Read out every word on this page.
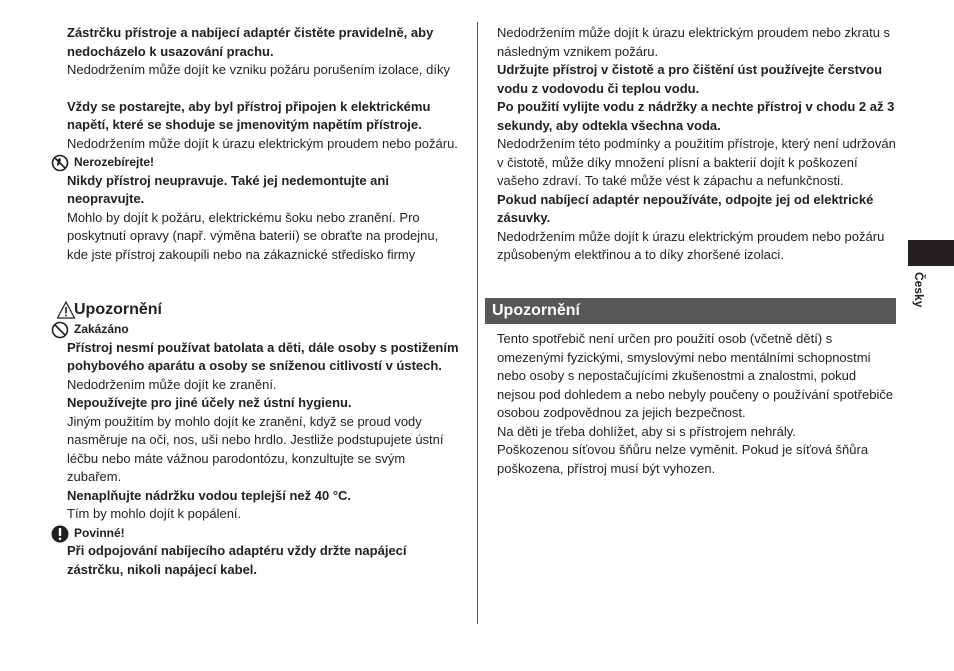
Zástrčku přístroje a nabíjecí adaptér čistěte pravidelně, aby nedocházelo k usazování prachu.

Nedodržením může dojít ke vzniku požáru porušením izolace, díky

Vždy se postarejte, aby byl přístroj připojen k elektrickému napětí, které se shoduje se jmenovitým napětím přístroje.

Nedodržením může dojít k úrazu elektrickým proudem nebo požáru.

Nerozebírejte!

Nikdy přístroj neupravuje. Také jej nedemontujte ani neopravujte.

Mohlo by dojít k požáru, elektrickému šoku nebo zranění. Pro poskytnutí opravy (např. výměna baterií) se obraťte na prodejnu, kde jste přístroj zakoupili nebo na zákaznické středisko firmy

Upozornění
Zakázáno

Přístroj nesmí používat batolata a děti, dále osoby s postižením pohybového aparátu a osoby se sníženou citlivostí v ústech.

Nedodržením může dojít ke zranění.

Nepoužívejte pro jiné účely než ústní hygienu.

Jiným použitím by mohlo dojít ke zranění, když se proud vody nasměruje na oči, nos, uši nebo hrdlo. Jestliže podstupujete ústní léčbu nebo máte vážnou parodontózu, konzultujte se svým zubařem.

Nenaplňujte nádržku vodou teplejší než 40 °C.

Tím by mohlo dojít k popálení.

Povinné!

Při odpojování nabíjecího adaptéru vždy držte napájecí zástrčku, nikoli napájecí kabel.

Nedodržením může dojít k úrazu elektrickým proudem nebo zkratu s následným vznikem požáru.

Udržujte přístroj v čistotě a pro čištění úst používejte čerstvou vodu z vodovodu či teplou vodu.

Po použití vylijte vodu z nádržky a nechte přístroj v chodu 2 až 3 sekundy, aby odtekla všechna voda.

Nedodržením této podmínky a použitím přístroje, který není udržován v čistotě, může díky množení plísní a bakterií dojít k poškození vašeho zdraví. To také může vést k zápachu a nefunkčnosti.

Pokud nabíjecí adaptér nepoužíváte, odpojte jej od elektrické zásuvky.

Nedodržením může dojít k úrazu elektrickým proudem nebo požáru způsobeným elektřinou a to díky zhoršené izolaci.

Upozornění

Tento spotřebič není určen pro použití osob (včetně dětí) s omezenými fyzickými, smyslovými nebo mentálními schopnostmi nebo osoby s nepostačujícími zkušenostmi a znalostmi, pokud nejsou pod dohledem a nebo nebyly poučeny o používání spotřebiče osobou zodpovědnou za jejich bezpečnost.

Na děti je třeba dohlížet, aby si s přístrojem nehrály.

Poškozenou síťovou šňůru nelze vyměnit. Pokud je síťová šňůra poškozena, přístroj musí být vyhozen.

Česky
